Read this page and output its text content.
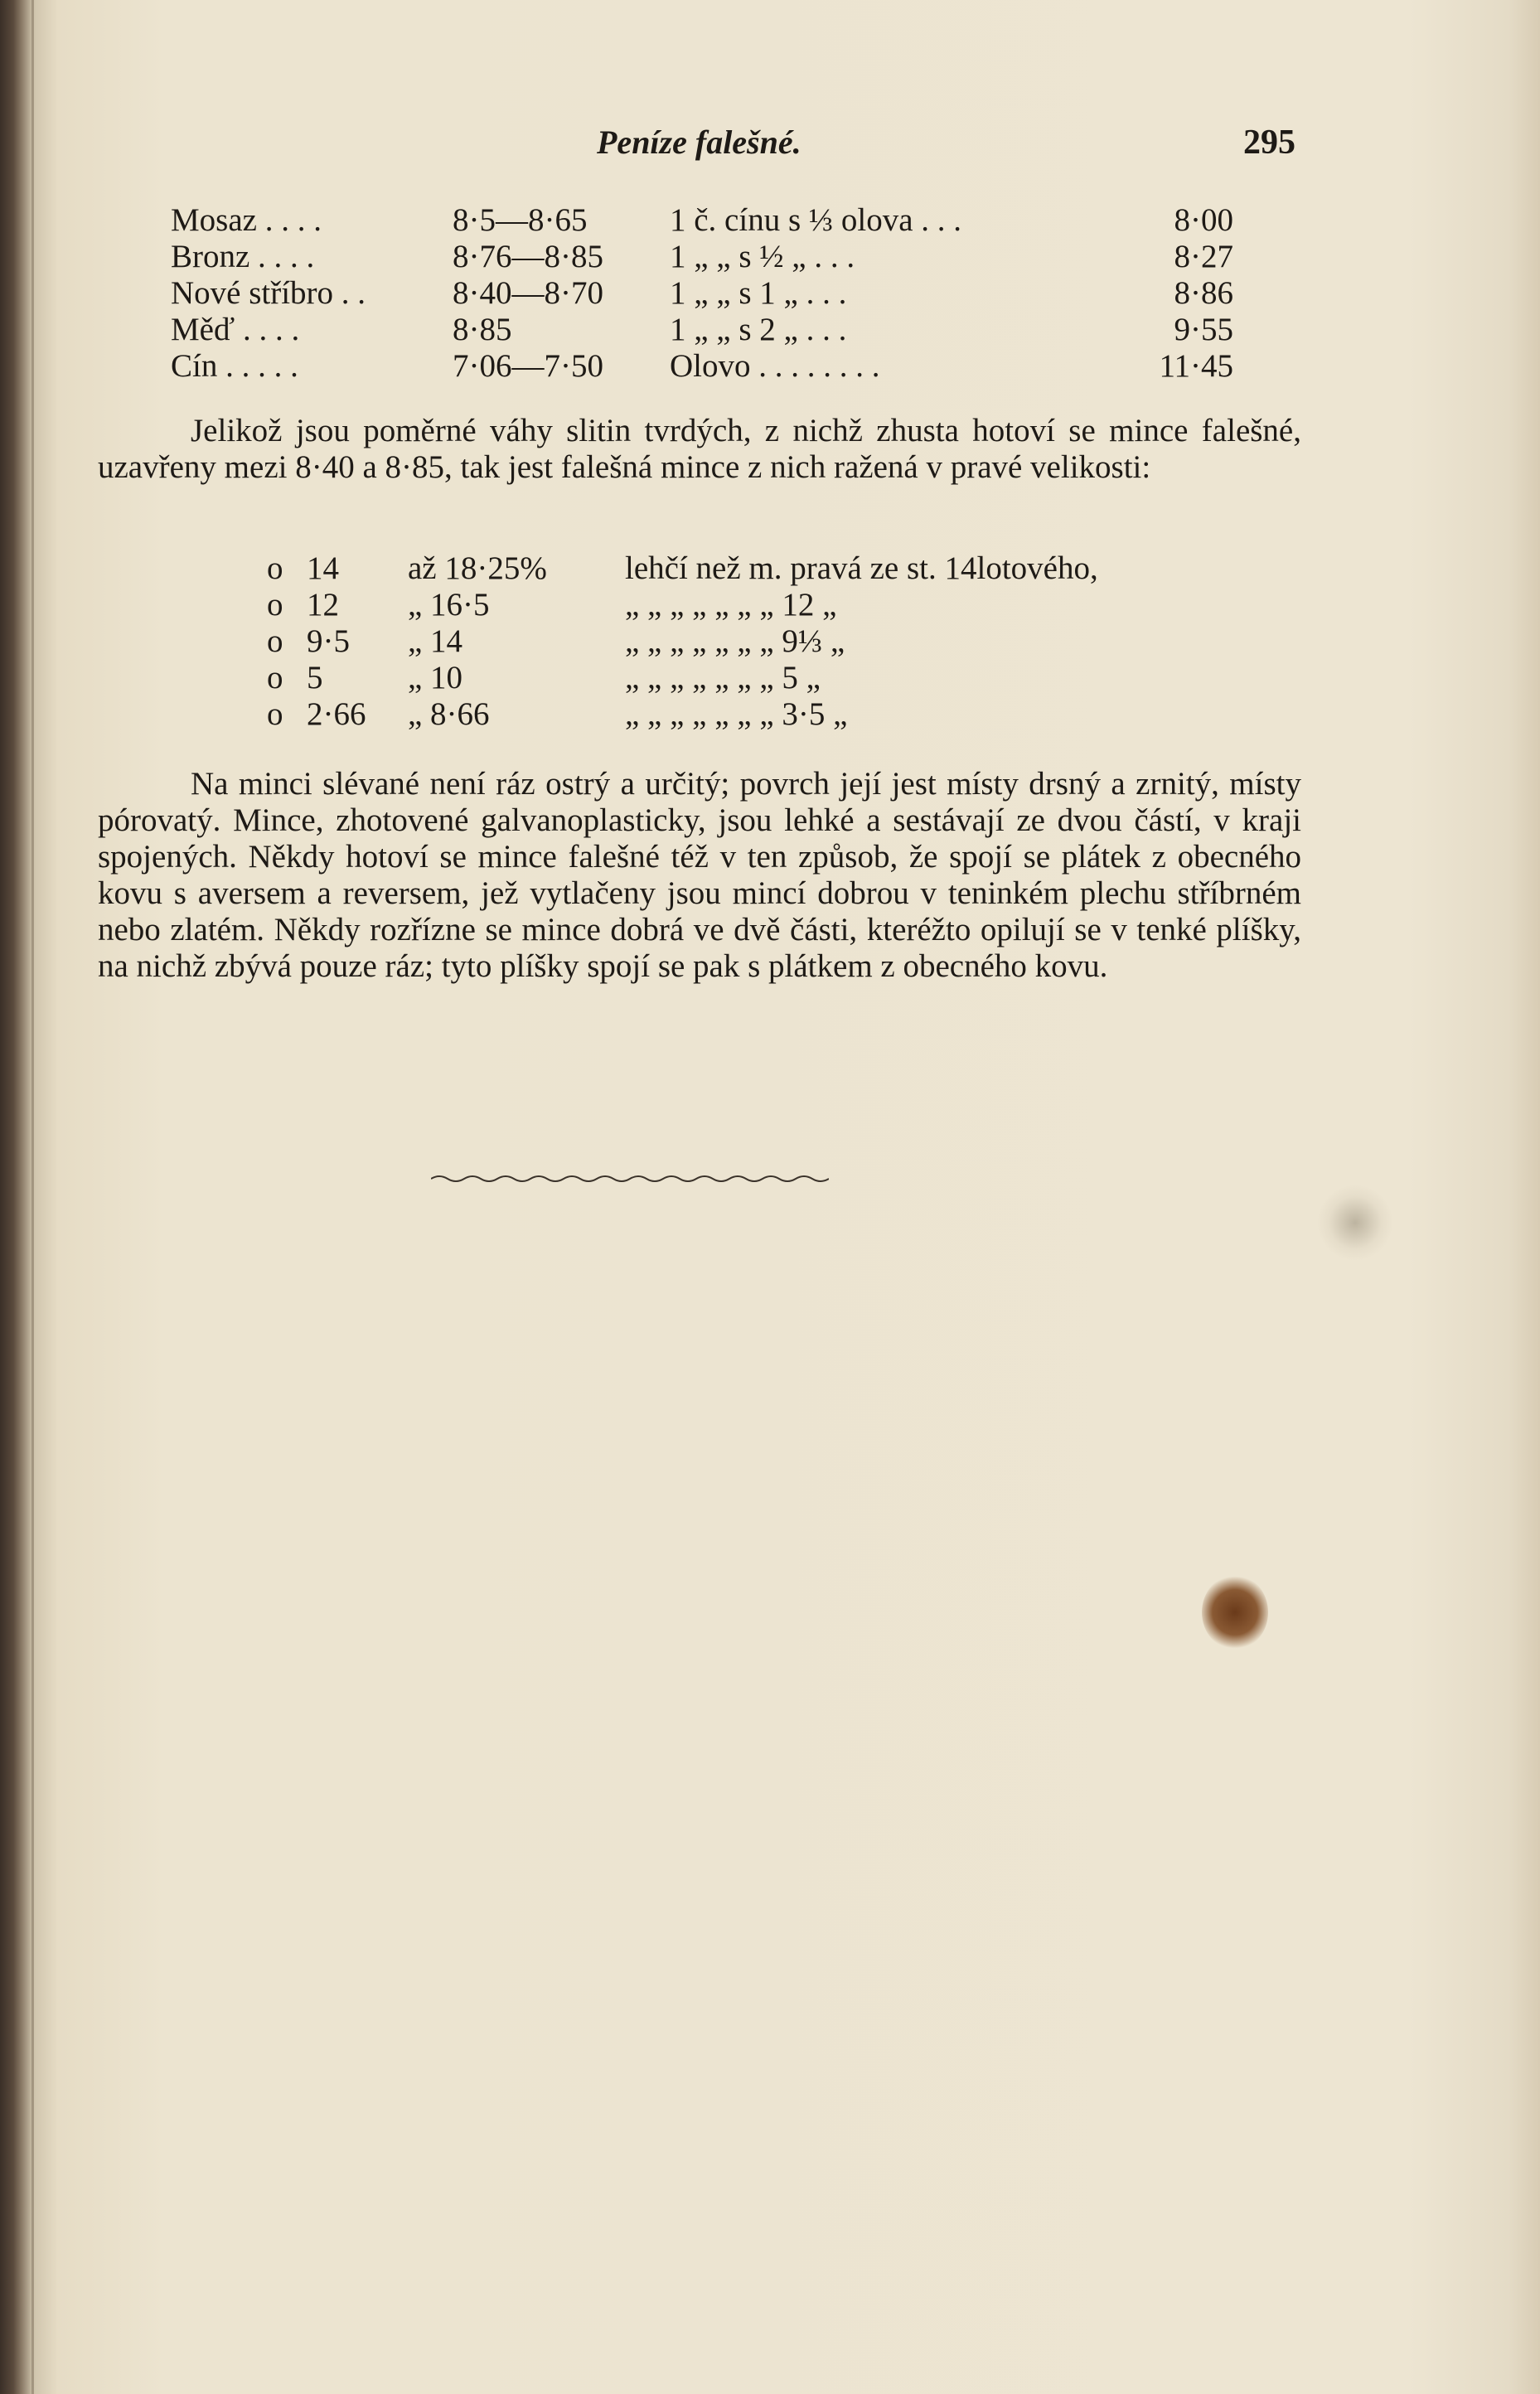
Peníze falešné.	295
Mosaz . . . .	8·5—8·65	1 č. cínu s ⅓ olova . . .	8·00
Bronz . . . .	8·76—8·85	1 „ „ s ½ „ . . .	8·27
Nové stříbro . .	8·40—8·70	1 „ „ s 1 „ . . .	8·86
Měď . . . .	8·85	1 „ „ s 2 „ . . .	9·55
Cín . . . . .	7·06—7·50	Olovo . . . . . . . .	11·45

Jelikož jsou poměrné váhy slitin tvrdých, z nichž zhusta hotoví se mince falešné, uzavřeny mezi 8·40 a 8·85, tak jest falešná mince z nich ražená v pravé velikosti:

o	14	až 18·25%	lehčí než m. pravá ze st. 14lotového,
o	12	„ 16·5	„ „ „ „ „ „ „ 12 „
o	9·5	„ 14	„ „ „ „ „ „ „ 9⅓ „
o	5	„ 10	„ „ „ „ „ „ „ 5 „
o	2·66	„ 8·66	„ „ „ „ „ „ „ 3·5 „

Na minci slévané není ráz ostrý a určitý; povrch její jest místy drsný a zrnitý, místy pórovatý. Mince, zhotovené galvanoplasticky, jsou lehké a sestávají ze dvou částí, v kraji spojených. Někdy hotoví se mince falešné též v ten způsob, že spojí se plátek z obecného kovu s aversem a reversem, jež vytlačeny jsou mincí dobrou v teninkém plechu stříbrném nebo zlatém. Někdy rozřízne se mince dobrá ve dvě části, kteréžto opilují se v tenké plíšky, na nichž zbývá pouze ráz; tyto plíšky spojí se pak s plátkem z obecného kovu.
